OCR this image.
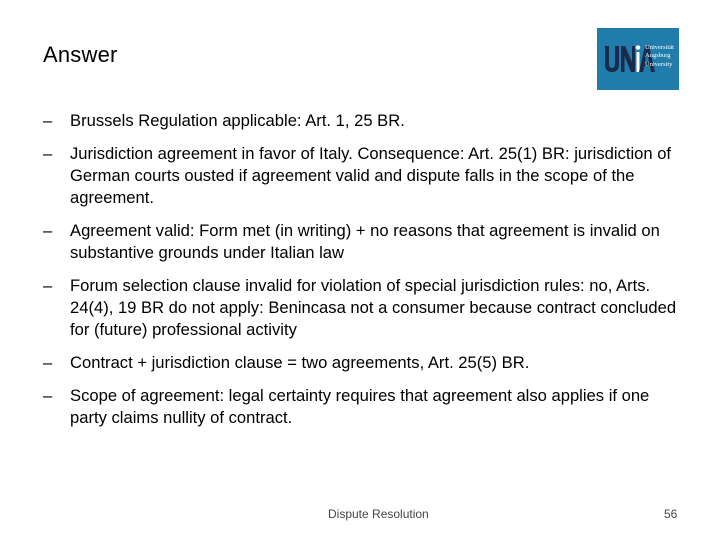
Answer	Universität
Augsburg
University
– Brussels Regulation applicable: Art. 1, 25 BR.
– Jurisdiction agreement in favor of Italy. Consequence: Art. 25(1) BR: jurisdiction of German courts ousted if agreement valid and dispute falls in the scope of the agreement.
– Agreement valid: Form met (in writing) + no reasons that agreement is invalid on substantive grounds under Italian law
– Forum selection clause invalid for violation of special jurisdiction rules: no, Arts. 24(4), 19 BR do not apply: Benincasa not a consumer because contract concluded for (future) professional activity
– Contract + jurisdiction clause = two agreements, Art. 25(5) BR.
– Scope of agreement: legal certainty requires that agreement also applies if one party claims nullity of contract.
Dispute Resolution	56
